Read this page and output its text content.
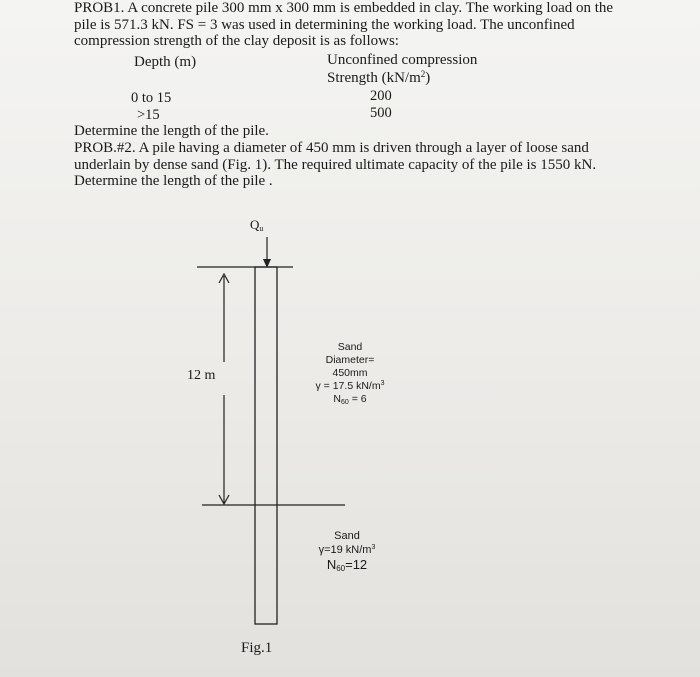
PROB1. A concrete pile 300 mm x 300 mm is embedded in clay. The working load on the pile is 571.3 kN. FS = 3 was used in determining the working load. The unconfined compression strength of the clay deposit is as follows:

Depth (m)	Unconfined compression
Strength $(kN/m^2)$
0 to 15	200
>15	500
Determine the length of the pile.

PROB.#2. A pile having a diameter of 450 mm is driven through a layer of loose sand underlain by dense sand (Fig. 1). The required ultimate capacity of the pile is 1550 kN. Determine the length of the pile .

$Q_u$
12 m
Sand
Diameter= 450mm
γ = 17.5 $kN/m^3$
$N_{60} = 6$
Sand
γ=19 $kN/m^3$
$N_{60}=12$
Fig.1
